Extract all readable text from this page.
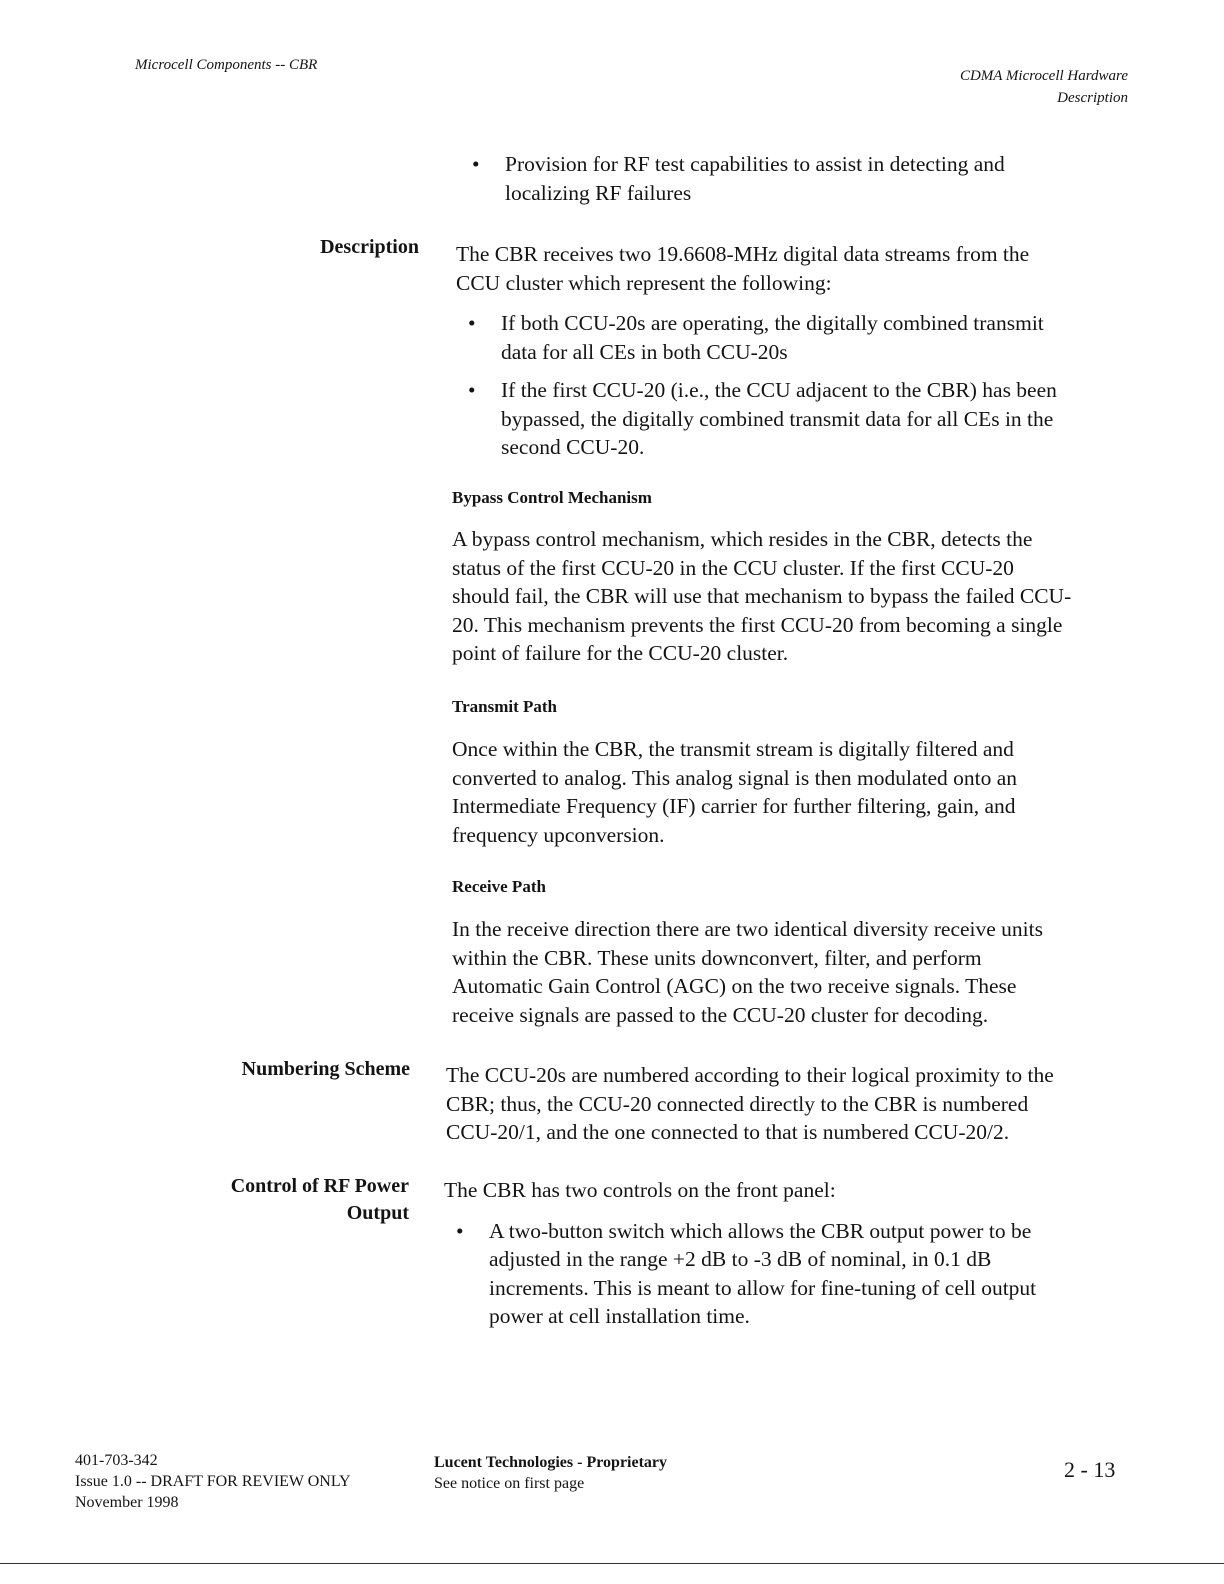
Microcell Components -- CBR
CDMA Microcell Hardware
Description
• Provision for RF test capabilities to assist in detecting and
localizing RF failures
Description The CBR receives two 19.6608-MHz digital data streams from the
CCU cluster which represent the following:
• If both CCU-20s are operating, the digitally combined transmit
data for all CEs in both CCU-20s
• If the first CCU-20 (i.e., the CCU adjacent to the CBR) has been
bypassed, the digitally combined transmit data for all CEs in the
second CCU-20.
Bypass Control Mechanism
A bypass control mechanism, which resides in the CBR, detects the
status of the first CCU-20 in the CCU cluster. If the first CCU-20
should fail, the CBR will use that mechanism to bypass the failed CCU-
20. This mechanism prevents the first CCU-20 from becoming a single
point of failure for the CCU-20 cluster.
Transmit Path
Once within the CBR, the transmit stream is digitally filtered and
converted to analog. This analog signal is then modulated onto an
Intermediate Frequency (IF) carrier for further filtering, gain, and
frequency upconversion.
Receive Path
In the receive direction there are two identical diversity receive units
within the CBR. These units downconvert, filter, and perform
Automatic Gain Control (AGC) on the two receive signals. These
receive signals are passed to the CCU-20 cluster for decoding.
Numbering Scheme The CCU-20s are numbered according to their logical proximity to the
CBR; thus, the CCU-20 connected directly to the CBR is numbered
CCU-20/1, and the one connected to that is numbered CCU-20/2.
Control of RF Power
Output
The CBR has two controls on the front panel:
• A two-button switch which allows the CBR output power to be
adjusted in the range +2 dB to -3 dB of nominal, in 0.1 dB
increments. This is meant to allow for fine-tuning of cell output
power at cell installation time.
401-703-342
Issue 1.0 -- DRAFT FOR REVIEW ONLY
November 1998
Lucent Technologies - Proprietary
See notice on first page
2 - 13
